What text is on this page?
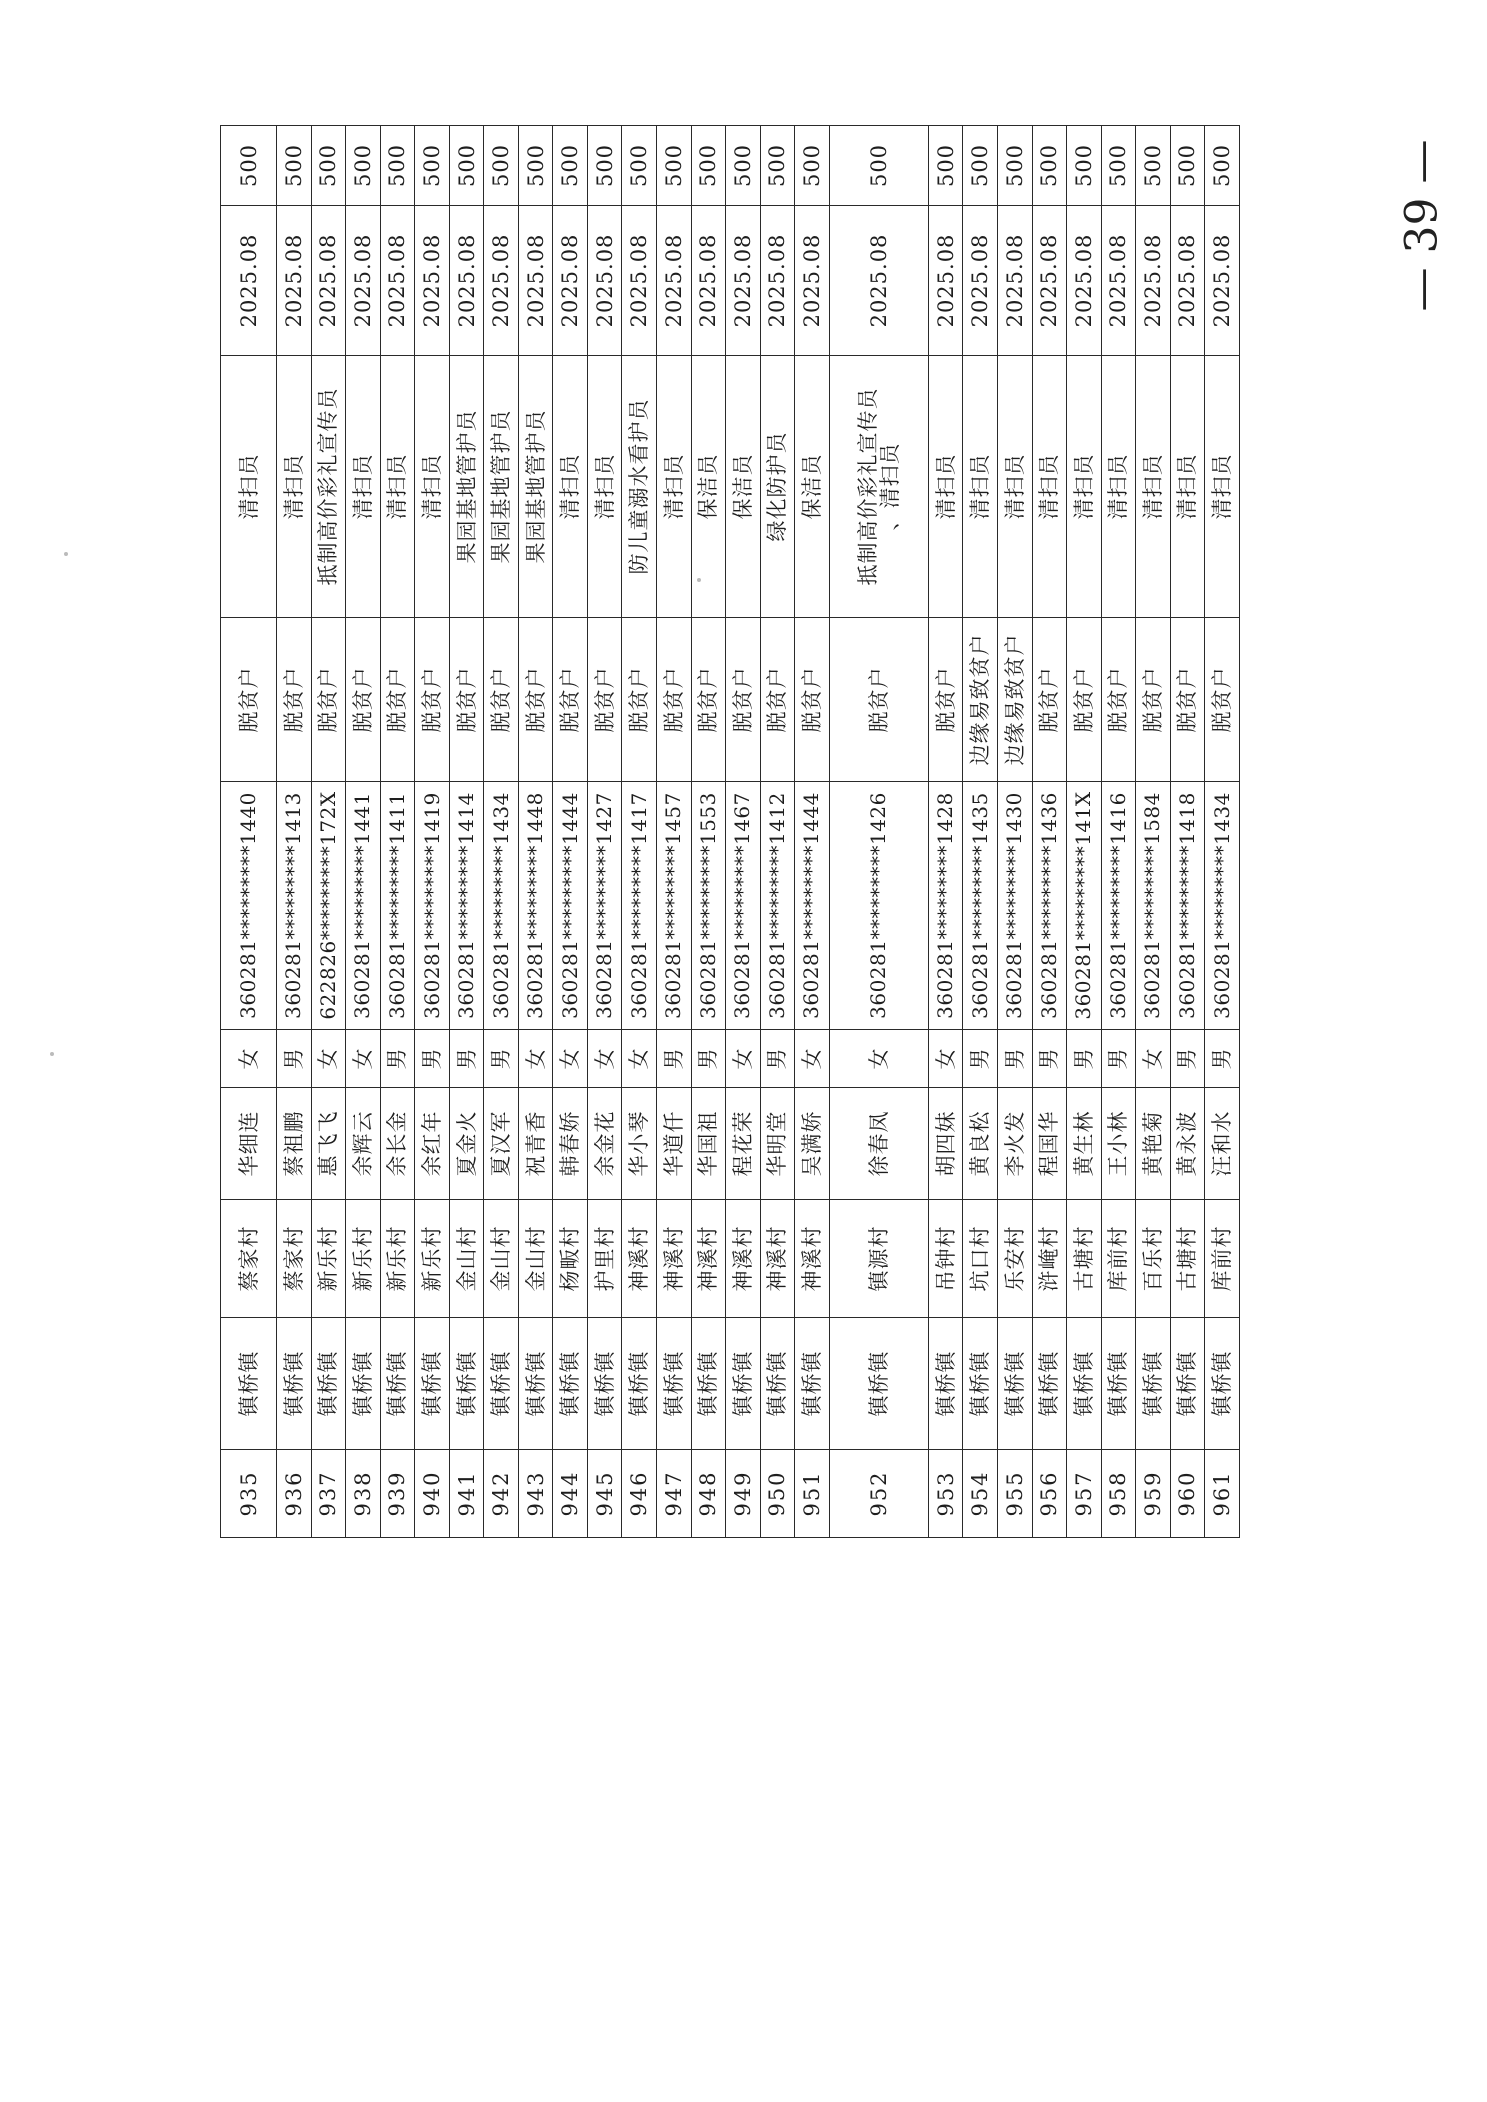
935	镇桥镇	蔡家村	华细连	女	360281*********1440	脱贫户	清扫员	2025.08	500
936	镇桥镇	蔡家村	蔡祖鹏	男	360281*********1413	脱贫户	清扫员	2025.08	500
937	镇桥镇	新乐村	惠飞飞	女	622826*********172X	脱贫户	抵制高价彩礼宣传员	2025.08	500
938	镇桥镇	新乐村	余辉云	女	360281*********1441	脱贫户	清扫员	2025.08	500
939	镇桥镇	新乐村	余长金	男	360281*********1411	脱贫户	清扫员	2025.08	500
940	镇桥镇	新乐村	余红年	男	360281*********1419	脱贫户	清扫员	2025.08	500
941	镇桥镇	金山村	夏金火	男	360281*********1414	脱贫户	果园基地管护员	2025.08	500
942	镇桥镇	金山村	夏汉军	男	360281*********1434	脱贫户	果园基地管护员	2025.08	500
943	镇桥镇	金山村	祝青香	女	360281*********1448	脱贫户	果园基地管护员	2025.08	500
944	镇桥镇	杨畈村	韩春娇	女	360281*********1444	脱贫户	清扫员	2025.08	500
945	镇桥镇	护里村	余金花	女	360281*********1427	脱贫户	清扫员	2025.08	500
946	镇桥镇	神溪村	华小琴	女	360281*********1417	脱贫户	防儿童溺水看护员	2025.08	500
947	镇桥镇	神溪村	华道仟	男	360281*********1457	脱贫户	清扫员	2025.08	500
948	镇桥镇	神溪村	华国祖	男	360281*********1553	脱贫户	保洁员	2025.08	500
949	镇桥镇	神溪村	程花荣	女	360281*********1467	脱贫户	保洁员	2025.08	500
950	镇桥镇	神溪村	华明堂	男	360281*********1412	脱贫户	绿化防护员	2025.08	500
951	镇桥镇	神溪村	吴满娇	女	360281*********1444	脱贫户	保洁员	2025.08	500
952	镇桥镇	镇源村	徐春凤	女	360281*********1426	脱贫户	抵制高价彩礼宣传员
、清扫员	2025.08	500
953	镇桥镇	吊钟村	胡四妹	女	360281*********1428	脱贫户	清扫员	2025.08	500
954	镇桥镇	坑口村	黄良松	男	360281*********1435	边缘易致贫户	清扫员	2025.08	500
955	镇桥镇	乐安村	李火发	男	360281*********1430	边缘易致贫户	清扫员	2025.08	500
956	镇桥镇	浒崦村	程国华	男	360281*********1436	脱贫户	清扫员	2025.08	500
957	镇桥镇	古塘村	黄生林	男	360281*********141X	脱贫户	清扫员	2025.08	500
958	镇桥镇	库前村	王小林	男	360281*********1416	脱贫户	清扫员	2025.08	500
959	镇桥镇	百乐村	黄艳菊	女	360281*********1584	脱贫户	清扫员	2025.08	500
960	镇桥镇	古塘村	黄永波	男	360281*********1418	脱贫户	清扫员	2025.08	500
961	镇桥镇	库前村	汪和水	男	360281*********1434	脱贫户	清扫员	2025.08	500	— 39 —
